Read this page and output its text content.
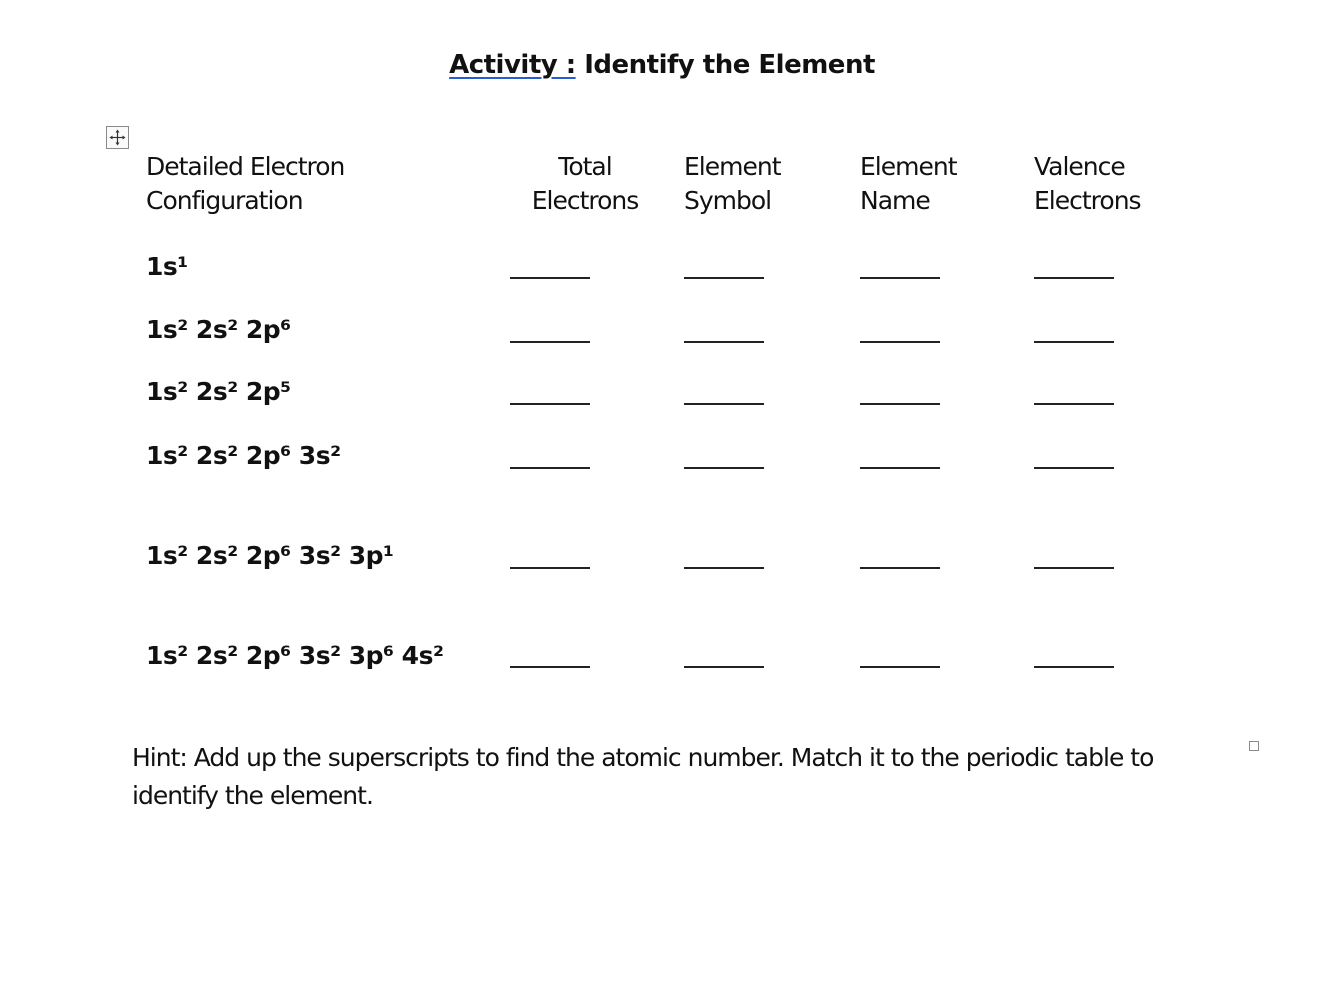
Activity : Identify the Element
Detailed Electron
Configuration
Total
Electrons
Element
Symbol
Element
Name
Valence
Electrons
1s¹
1s² 2s² 2p⁶
1s² 2s² 2p⁵
1s² 2s² 2p⁶ 3s²
1s² 2s² 2p⁶ 3s² 3p¹
1s² 2s² 2p⁶ 3s² 3p⁶ 4s²
Hint: Add up the superscripts to find the atomic number. Match it to the periodic table to identify the element.
